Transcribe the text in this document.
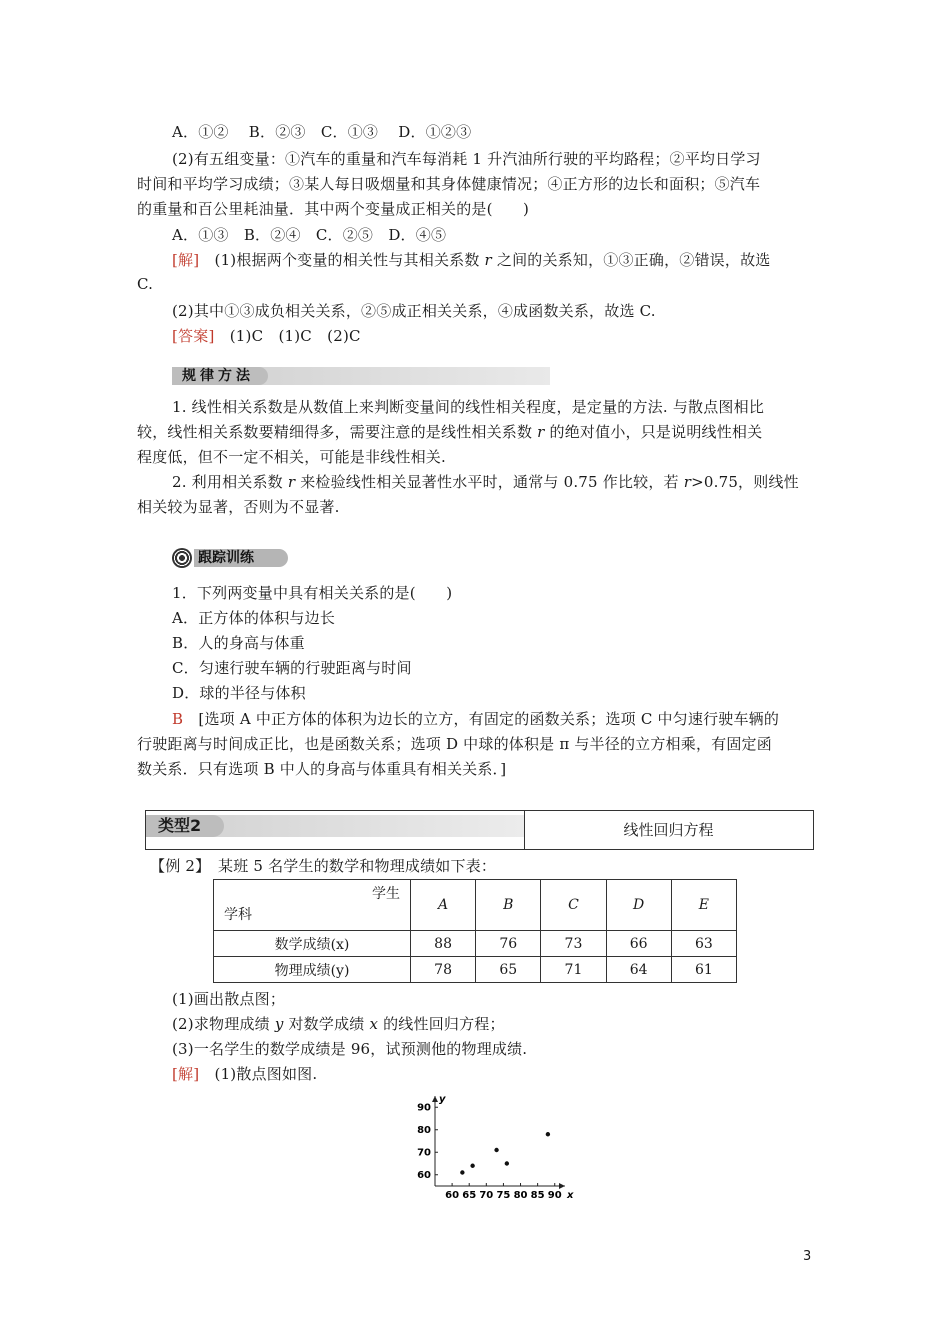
A．①②　 B．②③　C．①③　 D．①②③
(2)有五组变量：①汽车的重量和汽车每消耗 1 升汽油所行驶的平均路程；②平均日学习
时间和平均学习成绩；③某人每日吸烟量和其身体健康情况；④正方形的边长和面积；⑤汽车
的重量和百公里耗油量．其中两个变量成正相关的是(　　)
A．①③　B．②④　C．②⑤　D．④⑤
[解]　(1)根据两个变量的相关性与其相关系数 r 之间的关系知，①③正确，②错误，故选
C.
(2)其中①③成负相关关系，②⑤成正相关关系，④成函数关系，故选 C.
[答案]　(1)C　(1)C　(2)C
规律方法
1. 线性相关系数是从数值上来判断变量间的线性相关程度，是定量的方法. 与散点图相比
较，线性相关系数要精细得多，需要注意的是线性相关系数 r 的绝对值小，只是说明线性相关
程度低，但不一定不相关，可能是非线性相关.
2. 利用相关系数 r 来检验线性相关显著性水平时，通常与 0.75 作比较，若 r>0.75，则线性
相关较为显著，否则为不显著.
跟踪训练
1．下列两变量中具有相关关系的是(　　)
A．正方体的体积与边长
B．人的身高与体重
C．匀速行驶车辆的行驶距离与时间
D．球的半径与体积
B　[选项 A 中正方体的体积为边长的立方，有固定的函数关系；选项 C 中匀速行驶车辆的
行驶距离与时间成正比，也是函数关系；选项 D 中球的体积是 π 与半径的立方相乘，有固定函
数关系．只有选项 B 中人的身高与体重具有相关关系．]
类型2	线性回归方程
【例 2】　某班 5 名学生的数学和物理成绩如下表：
学生
学科	A	B	C	D	E
数学成绩(x)	88	76	73	66	63
物理成绩(y)	78	65	71	64	61
(1)画出散点图；
(2)求物理成绩 y 对数学成绩 x 的线性回归方程；
(3)一名学生的数学成绩是 96，试预测他的物理成绩.
[解]　(1)散点图如图.
x
y
60 65 70 75 80 85 90
60
70
80
90
3
